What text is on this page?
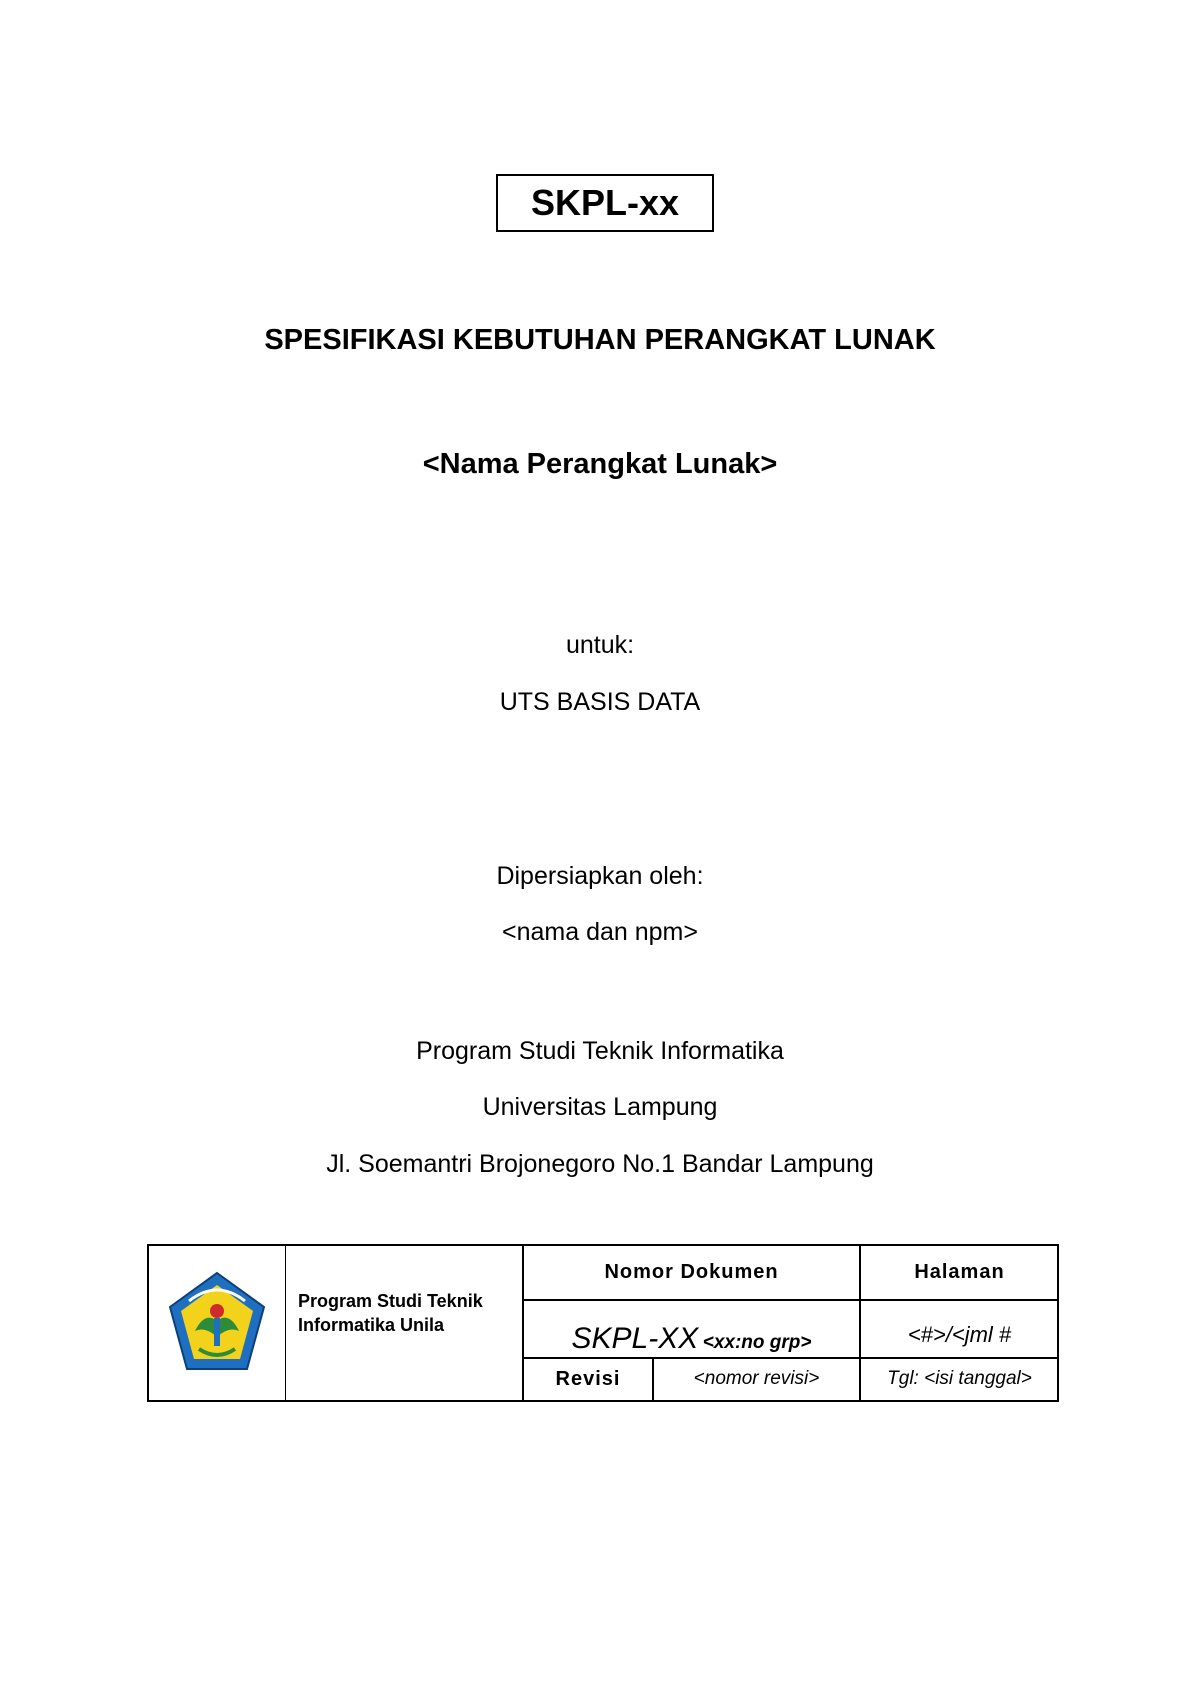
SKPL-xx
SPESIFIKASI KEBUTUHAN PERANGKAT LUNAK
<Nama Perangkat Lunak>
untuk:
UTS BASIS DATA
Dipersiapkan oleh:
<nama dan npm>
Program Studi Teknik Informatika
Universitas Lampung
Jl. Soemantri Brojonegoro No.1 Bandar Lampung
Program Studi Teknik
Informatika Unila
Nomor Dokumen	Halaman
SKPL-XX <xx:no grp>	<#>/<jml #
Revisi	<nomor revisi>	Tgl: <isi tanggal>
